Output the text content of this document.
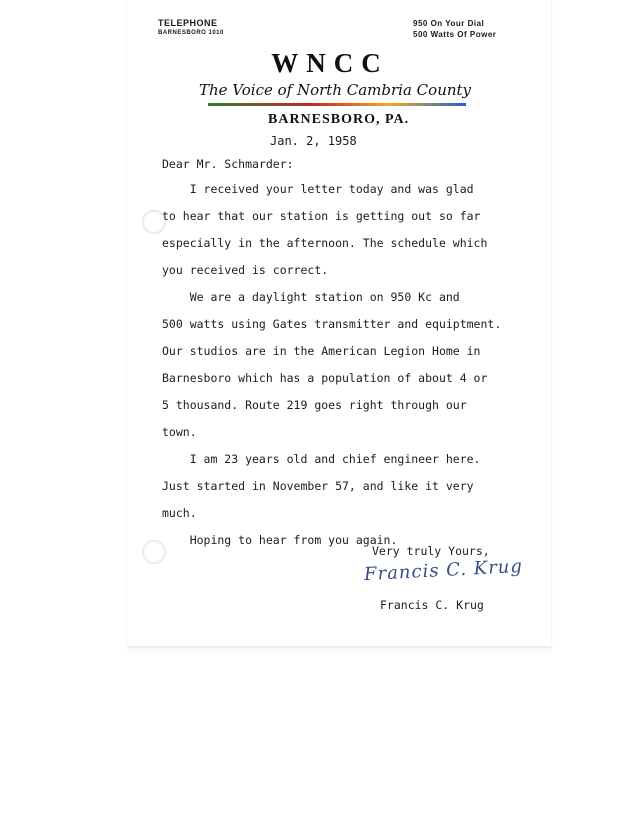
TELEPHONE
BARNESBORO 1010
950 On Your Dial
500 Watts Of Power
WNCC
The Voice of North Cambria County
BARNESBORO, PA.
Jan. 2, 1958
Dear Mr. Schmarder:
I received your letter today and was glad
to hear that our station is getting out so far
especially in the afternoon. The schedule which
you received is correct.
We are a daylight station on 950 Kc and
500 watts using Gates transmitter and equiptment.
Our studios are in the American Legion Home in
Barnesboro which has a population of about 4 or
5 thousand. Route 219 goes right through our
town.
I am 23 years old and chief engineer here.
Just started in November 57, and like it very
much.
Hoping to hear from you again.
Very truly Yours,
Francis C. Krug
Francis C. Krug
